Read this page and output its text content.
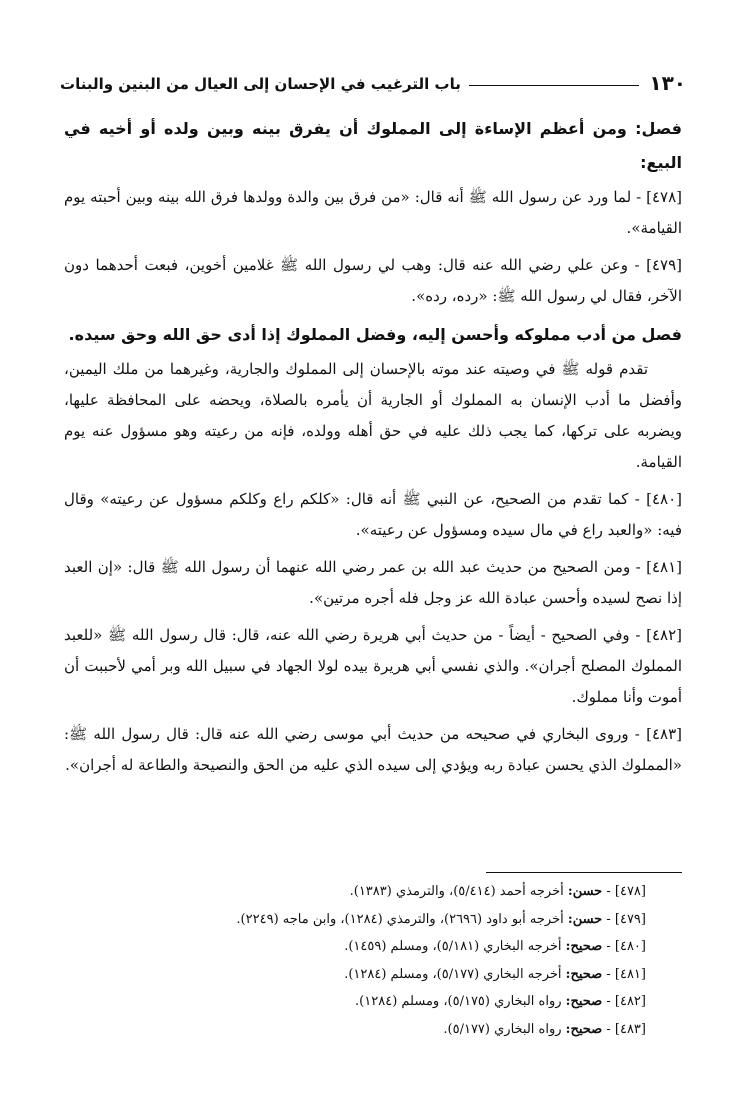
١٣٠
باب الترغيب في الإحسان إلى العيال من البنين والبنات
فصل: ومن أعظم الإساءة إلى المملوك أن يفرق بينه وبين ولده أو أخيه في البيع:

[٤٧٨] - لما ورد عن رسول الله ﷺ أنه قال: «من فرق بين والدة وولدها فرق الله بينه وبين أحبته يوم القيامة».

[٤٧٩] - وعن علي رضي الله عنه قال: وهب لي رسول الله ﷺ غلامين أخوين، فبعت أحدهما دون الآخر، فقال لي رسول الله ﷺ: «رده، رده».

فصل من أدب مملوكه وأحسن إليه، وفضل المملوك إذا أدى حق الله وحق سيده.

تقدم قوله ﷺ في وصيته عند موته بالإحسان إلى المملوك والجارية، وغيرهما من ملك اليمين، وأفضل ما أدب الإنسان به المملوك أو الجارية أن يأمره بالصلاة، ويحضه على المحافظة عليها، ويضربه على تركها، كما يجب ذلك عليه في حق أهله وولده، فإنه من رعيته وهو مسؤول عنه يوم القيامة.

[٤٨٠] - كما تقدم من الصحيح، عن النبي ﷺ أنه قال: «كلكم راع وكلكم مسؤول عن رعيته» وقال فيه: «والعبد راع في مال سيده ومسؤول عن رعيته».

[٤٨١] - ومن الصحيح من حديث عبد الله بن عمر رضي الله عنهما أن رسول الله ﷺ قال: «إن العبد إذا نصح لسيده وأحسن عبادة الله عز وجل فله أجره مرتين».

[٤٨٢] - وفي الصحيح - أيضاً - من حديث أبي هريرة رضي الله عنه، قال: قال رسول الله ﷺ «للعبد المملوك المصلح أجران». والذي نفسي أبي هريرة بيده لولا الجهاد في سبيل الله وبر أمي لأحببت أن أموت وأنا مملوك.

[٤٨٣] - وروى البخاري في صحيحه من حديث أبي موسى رضي الله عنه قال: قال رسول الله ﷺ: «المملوك الذي يحسن عبادة ربه ويؤدي إلى سيده الذي عليه من الحق والنصيحة والطاعة له أجران».

[٤٧٨] - حسن: أخرجه أحمد (٥/٤١٤)، والترمذي (١٣٨٣).
[٤٧٩] - حسن: أخرجه أبو داود (٢٦٩٦)، والترمذي (١٢٨٤)، وابن ماجه (٢٢٤٩).
[٤٨٠] - صحيح: أخرجه البخاري (٥/١٨١)، ومسلم (١٤٥٩).
[٤٨١] - صحيح: أخرجه البخاري (٥/١٧٧)، ومسلم (١٢٨٤).
[٤٨٢] - صحيح: رواه البخاري (٥/١٧٥)، ومسلم (١٢٨٤).
[٤٨٣] - صحيح: رواه البخاري (٥/١٧٧).
